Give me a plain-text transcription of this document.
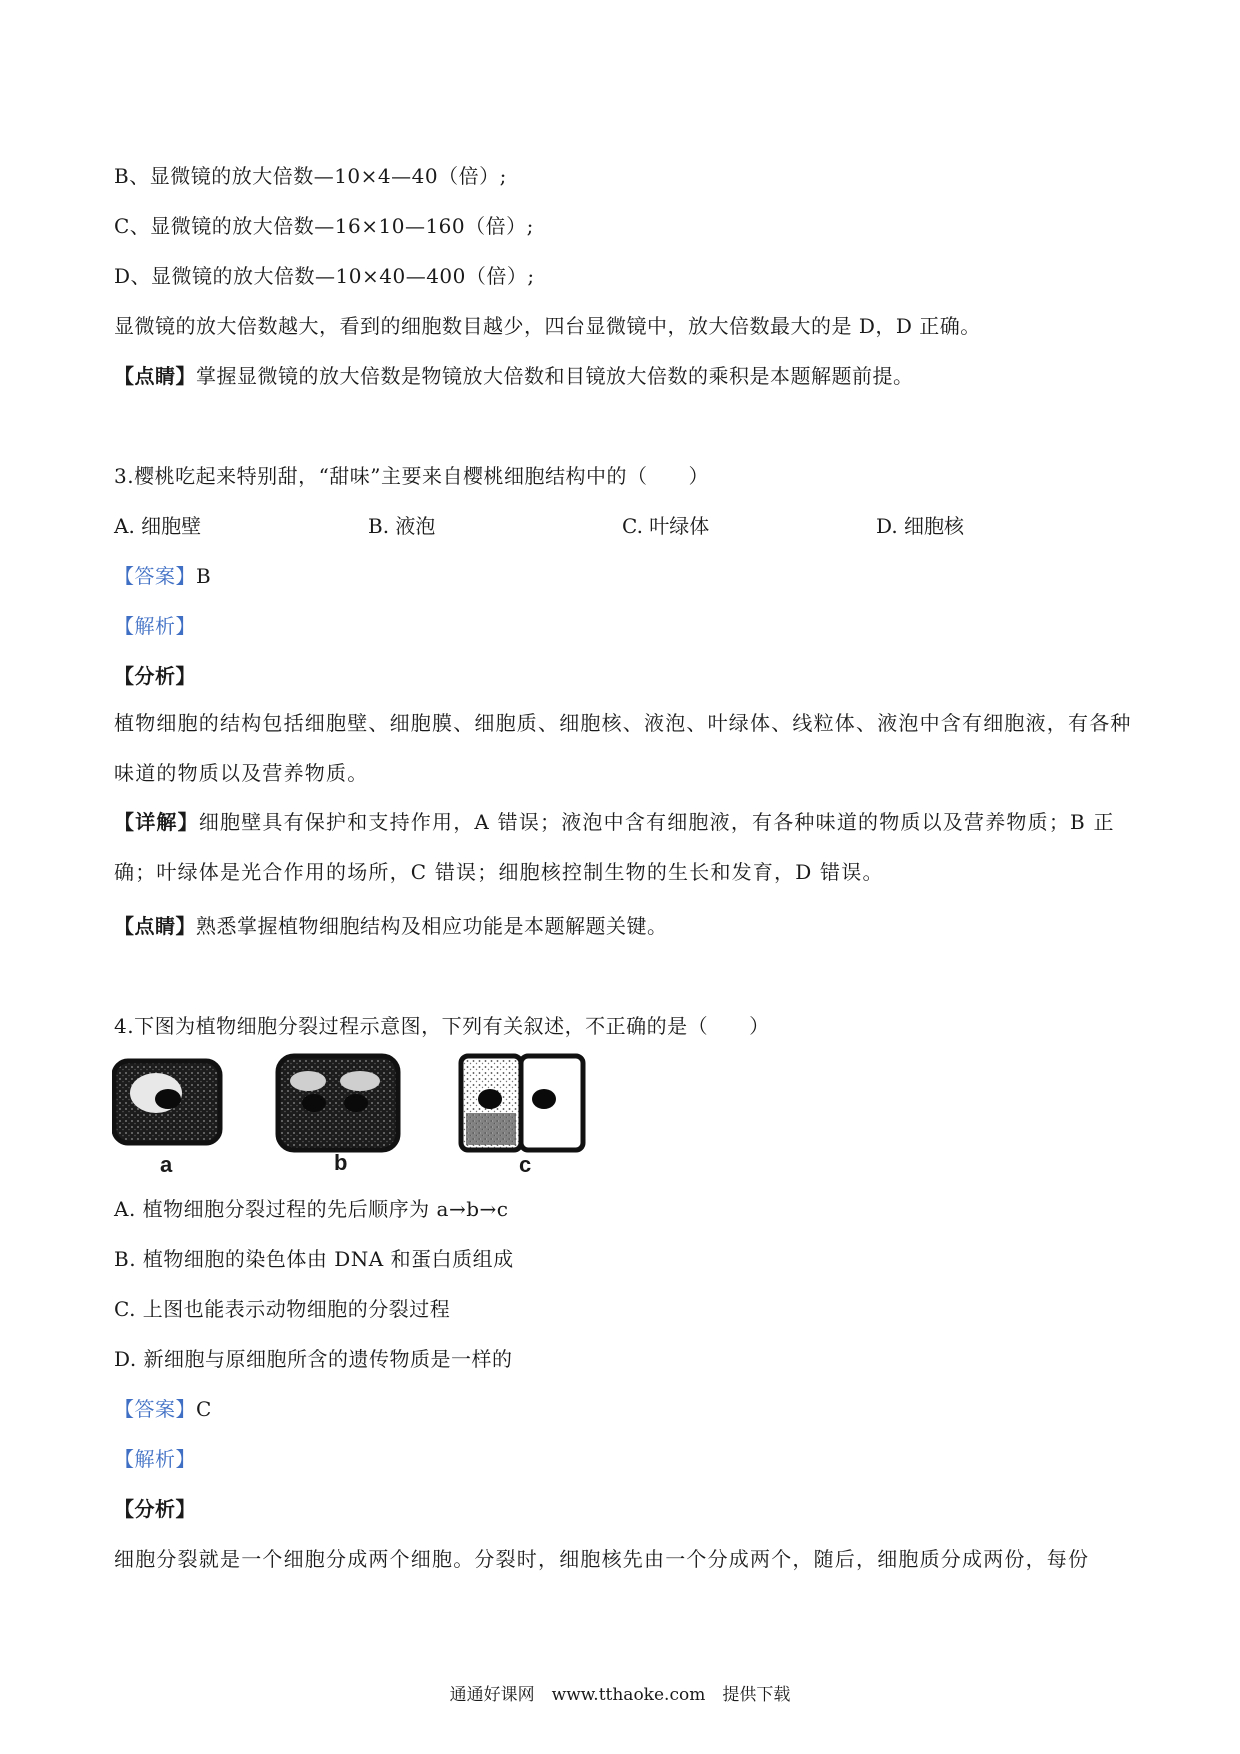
B、显微镜的放大倍数—10×4—40（倍）;
C、显微镜的放大倍数—16×10—160（倍）;
D、显微镜的放大倍数—10×40—400（倍）;
显微镜的放大倍数越大，看到的细胞数目越少，四台显微镜中，放大倍数最大的是 D，D 正确。
【点睛】掌握显微镜的放大倍数是物镜放大倍数和目镜放大倍数的乘积是本题解题前提。
3.樱桃吃起来特别甜，“甜味”主要来自樱桃细胞结构中的（　　）
A. 细胞壁	B. 液泡	C. 叶绿体	D. 细胞核
【答案】B
【解析】
【分析】
植物细胞的结构包括细胞壁、细胞膜、细胞质、细胞核、液泡、叶绿体、线粒体、液泡中含有细胞液，有各种味道的物质以及营养物质。
【详解】细胞壁具有保护和支持作用，A 错误；液泡中含有细胞液，有各种味道的物质以及营养物质；B 正确；叶绿体是光合作用的场所，C 错误；细胞核控制生物的生长和发育，D 错误。
【点睛】熟悉掌握植物细胞结构及相应功能是本题解题关键。
4.下图为植物细胞分裂过程示意图，下列有关叙述，不正确的是（　　）
a	b	c
A. 植物细胞分裂过程的先后顺序为 a→b→c
B. 植物细胞的染色体由 DNA 和蛋白质组成
C. 上图也能表示动物细胞的分裂过程
D. 新细胞与原细胞所含的遗传物质是一样的
【答案】C
【解析】
【分析】
细胞分裂就是一个细胞分成两个细胞。分裂时，细胞核先由一个分成两个，随后，细胞质分成两份，每份
通通好课网　www.tthaoke.com　提供下载
